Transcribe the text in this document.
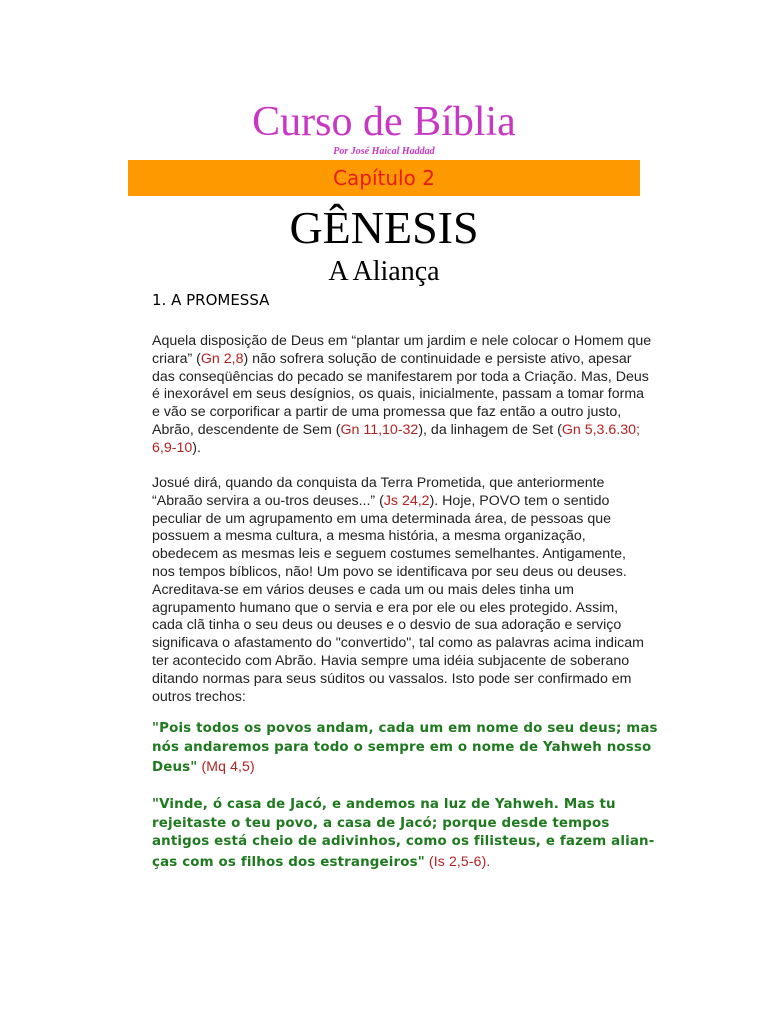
Curso de Bíblia
Por José Haical Haddad
Capítulo 2
GÊNESIS
A Aliança
1. A PROMESSA

Aquela disposição de Deus em “plantar um jardim e nele colocar o Homem que criara” (Gn 2,8) não sofrera solução de continuidade e persiste ativo, apesar das conseqüências do pecado se manifestarem por toda a Criação. Mas, Deus é inexorável em seus desígnios, os quais, inicialmente, passam a tomar forma e vão se corporificar a partir de uma promessa que faz então a outro justo, Abrão, descendente de Sem (Gn 11,10-32), da linhagem de Set (Gn 5,3.6.30; 6,9-10).

Josué dirá, quando da conquista da Terra Prometida, que anteriormente “Abraão servira a ou-tros deuses...” (Js 24,2). Hoje, POVO tem o sentido peculiar de um agrupamento em uma determinada área, de pessoas que possuem a mesma cultura, a mesma história, a mesma organização, obedecem as mesmas leis e seguem costumes semelhantes. Antigamente, nos tempos bíblicos, não! Um povo se identificava por seu deus ou deuses. Acreditava-se em vários deuses e cada um ou mais deles tinha um agrupamento humano que o servia e era por ele ou eles protegido. Assim, cada clã tinha o seu deus ou deuses e o desvio de sua adoração e serviço significava o afastamento do "convertido", tal como as palavras acima indicam ter acontecido com Abrão. Havia sempre uma idéia subjacente de soberano ditando normas para seus súditos ou vassalos. Isto pode ser confirmado em outros trechos:

"Pois todos os povos andam, cada um em nome do seu deus; mas nós andaremos para todo o sempre em o nome de Yahweh nosso Deus" (Mq 4,5)

"Vinde, ó casa de Jacó, e andemos na luz de Yahweh. Mas tu rejeitaste o teu povo, a casa de Jacó; porque desde tempos antigos está cheio de adivinhos, como os filisteus, e fazem alian-ças com os filhos dos estrangeiros" (Is 2,5-6).
